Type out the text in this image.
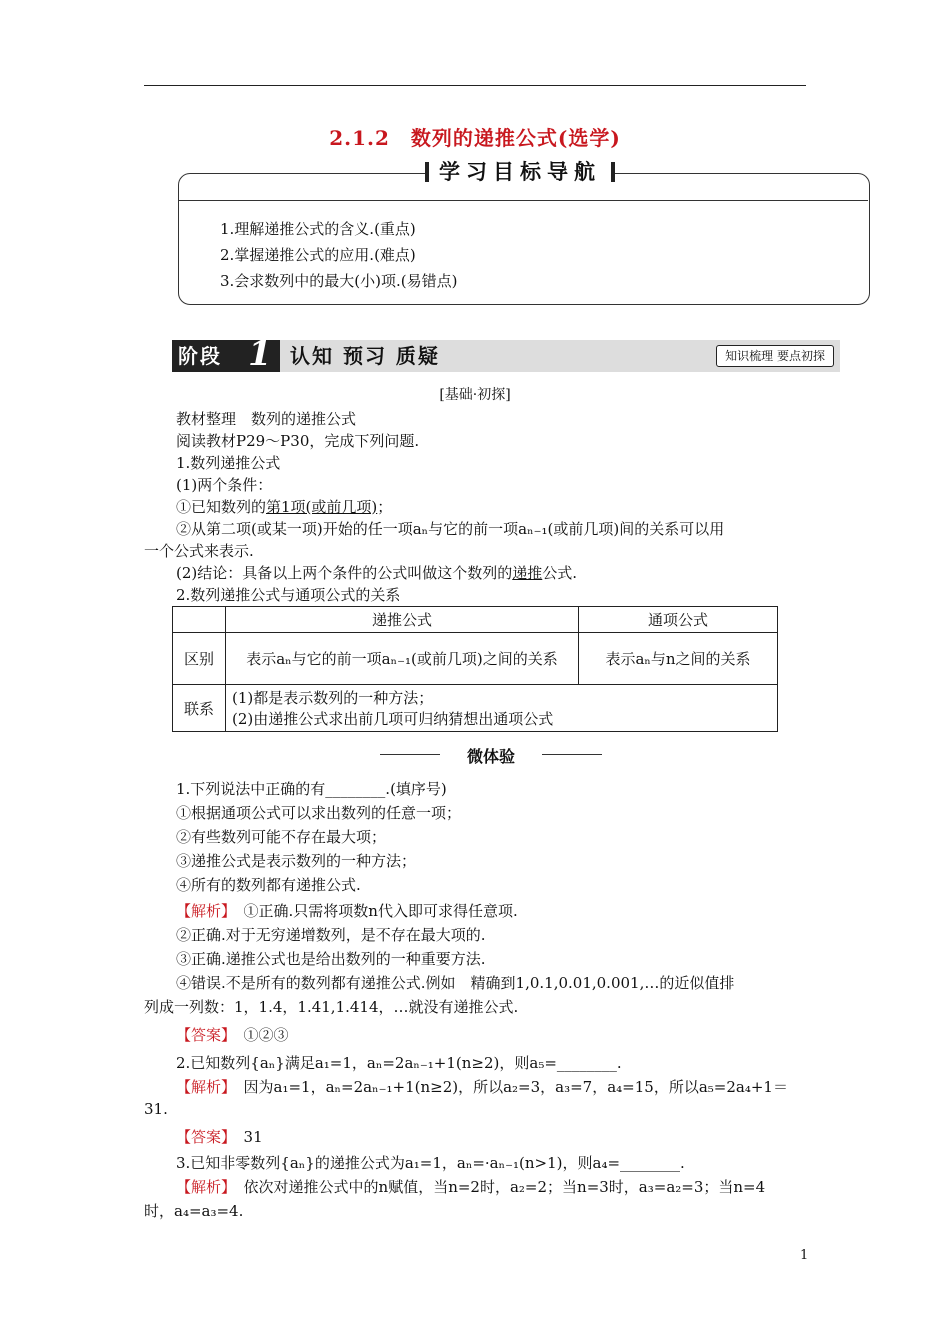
2.1.2　数列的递推公式(选学)
学习目标导航
1.理解递推公式的含义.(重点)
2.掌握递推公式的应用.(难点)
3.会求数列中的最大(小)项.(易错点)
阶段 1 认知 预习 质疑	知识梳理 要点初探
[基础·初探]
教材整理　数列的递推公式
阅读教材P29～P30，完成下列问题.
1.数列递推公式
(1)两个条件：
①已知数列的第1项(或前几项)；
②从第二项(或某一项)开始的任一项aₙ与它的前一项aₙ₋₁(或前几项)间的关系可以用
一个公式来表示.
(2)结论：具备以上两个条件的公式叫做这个数列的递推公式.
2.数列递推公式与通项公式的关系
	递推公式	通项公式
区别	表示aₙ与它的前一项aₙ₋₁(或前几项)之间的关系	表示aₙ与n之间的关系
联系	(1)都是表示数列的一种方法；
(2)由递推公式求出前几项可归纳猜想出通项公式	
微体验
1.下列说法中正确的有________.(填序号)
①根据通项公式可以求出数列的任意一项；
②有些数列可能不存在最大项；
③递推公式是表示数列的一种方法；
④所有的数列都有递推公式.
【解析】　 ①正确.只需将项数n代入即可求得任意项.
②正确.对于无穷递增数列，是不存在最大项的.
③正确.递推公式也是给出数列的一种重要方法.
④错误.不是所有的数列都有递推公式.例如　精确到1,0.1,0.01,0.001,…的近似值排
列成一列数：1，1.4，1.41,1.414，…就没有递推公式.
【答案】　 ①②③
2.已知数列{aₙ}满足a₁=1，aₙ=2aₙ₋₁+1(n≥2)，则a₅=________.
【解析】　 因为a₁=1，aₙ=2aₙ₋₁+1(n≥2)，所以a₂=3，a₃=7，a₄=15，所以a₅=2a₄+1＝
31.
【答案】　 31
3.已知非零数列{aₙ}的递推公式为a₁=1，aₙ=·aₙ₋₁(n>1)，则a₄=________.
【解析】　 依次对递推公式中的n赋值，当n=2时，a₂=2；当n=3时，a₃=a₂=3；当n=4
时，a₄=a₃=4.
1
